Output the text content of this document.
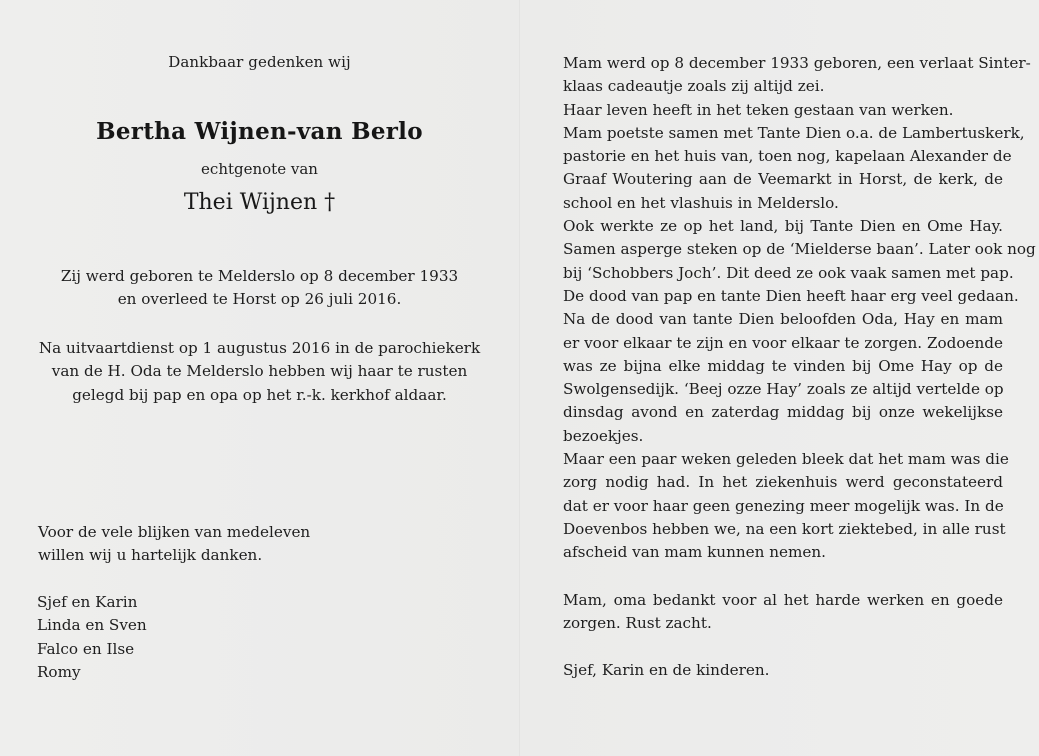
Dankbaar gedenken wij
Bertha Wijnen-van Berlo
echtgenote van
Thei Wijnen †
Zij werd geboren te Melderslo op 8 december 1933
en overleed te Horst op 26 juli 2016.
Na uitvaartdienst op 1 augustus 2016 in de parochiekerk
van de H. Oda te Melderslo hebben wij haar te rusten
gelegd bij pap en opa op het r.-k. kerkhof aldaar.
Voor de vele blijken van medeleven
willen wij u hartelijk danken.
Sjef en Karin
Linda en Sven
Falco en Ilse
Romy
Mam werd op 8 december 1933 geboren, een verlaat Sinter-
klaas cadeautje zoals zij altijd zei.
Haar leven heeft in het teken gestaan van werken.
Mam poetste samen met Tante Dien o.a. de Lambertuskerk,
pastorie en het huis van, toen nog, kapelaan Alexander de
Graaf Woutering aan de Veemarkt in Horst, de kerk, de
school en het vlashuis in Melderslo.
Ook werkte ze op het land, bij Tante Dien en Ome Hay.
Samen asperge steken op de ‘Mielderse baan’. Later ook nog
bij ‘Schobbers Joch’. Dit deed ze ook vaak samen met pap.
De dood van pap en tante Dien heeft haar erg veel gedaan.
Na de dood van tante Dien beloofden Oda, Hay en mam
er voor elkaar te zijn en voor elkaar te zorgen. Zodoende
was ze bijna elke middag te vinden bij Ome Hay op de
Swolgensedijk. ‘Beej ozze Hay’ zoals ze altijd vertelde op
dinsdag avond en zaterdag middag bij onze wekelijkse
bezoekjes.
Maar een paar weken geleden bleek dat het mam was die
zorg nodig had. In het ziekenhuis werd geconstateerd
dat er voor haar geen genezing meer mogelijk was. In de
Doevenbos hebben we, na een kort ziektebed, in alle rust
afscheid van mam kunnen nemen.
Mam, oma bedankt voor al het harde werken en goede
zorgen. Rust zacht.
Sjef, Karin en de kinderen.
